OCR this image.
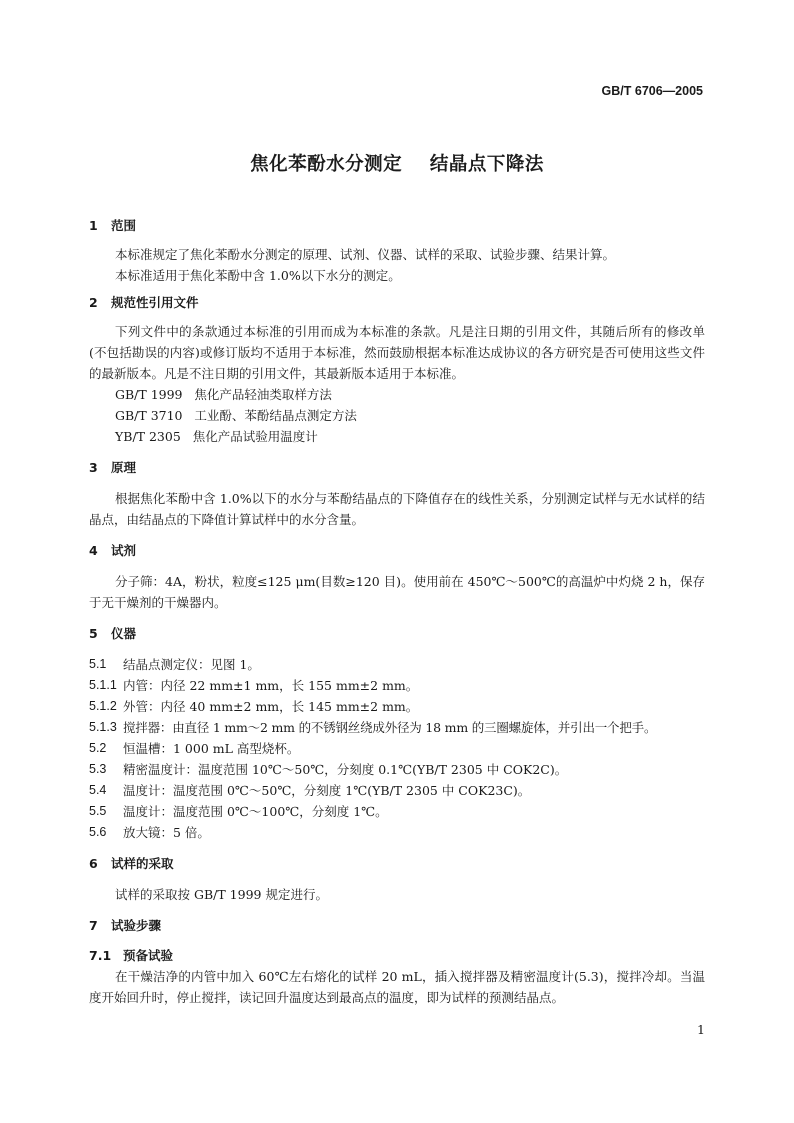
GB/T 6706—2005
焦化苯酚水分测定    结晶点下降法
1	范围

本标准规定了焦化苯酚水分测定的原理、试剂、仪器、试样的采取、试验步骤、结果计算。

本标准适用于焦化苯酚中含 1.0%以下水分的测定。

2	规范性引用文件

下列文件中的条款通过本标准的引用而成为本标准的条款。凡是注日期的引用文件，其随后所有的修改单(不包括勘误的内容)或修订版均不适用于本标准，然而鼓励根据本标准达成协议的各方研究是否可使用这些文件的最新版本。凡是不注日期的引用文件，其最新版本适用于本标准。

GB/T 1999   焦化产品轻油类取样方法
GB/T 3710   工业酚、苯酚结晶点测定方法
YB/T 2305   焦化产品试验用温度计
3	原理

根据焦化苯酚中含 1.0%以下的水分与苯酚结晶点的下降值存在的线性关系，分别测定试样与无水试样的结晶点，由结晶点的下降值计算试样中的水分含量。

4	试剂

分子筛：4A，粉状，粒度≤125 μm(目数≥120 目)。使用前在 450℃～500℃的高温炉中灼烧 2 h，保存于无干燥剂的干燥器内。

5	仪器
5.1	结晶点测定仪：见图 1。
5.1.1 内管：内径 22 mm±1 mm，长 155 mm±2 mm。
5.1.2 外管：内径 40 mm±2 mm，长 145 mm±2 mm。
5.1.3 搅拌器：由直径 1 mm～2 mm 的不锈钢丝绕成外径为 18 mm 的三圈螺旋体，并引出一个把手。
5.2	恒温槽：1 000 mL 高型烧杯。
5.3	精密温度计：温度范围 10℃～50℃，分刻度 0.1℃(YB/T 2305 中 COK2C)。
5.4	温度计：温度范围 0℃～50℃，分刻度 1℃(YB/T 2305 中 COK23C)。
5.5	温度计：温度范围 0℃～100℃，分刻度 1℃。
5.6	放大镜：5 倍。
6	试样的采取

试样的采取按 GB/T 1999 规定进行。

7	试验步骤
7.1 预备试验

在干燥洁净的内管中加入 60℃左右熔化的试样 20 mL，插入搅拌器及精密温度计(5.3)，搅拌冷却。当温度开始回升时，停止搅拌，读记回升温度达到最高点的温度，即为试样的预测结晶点。

1
